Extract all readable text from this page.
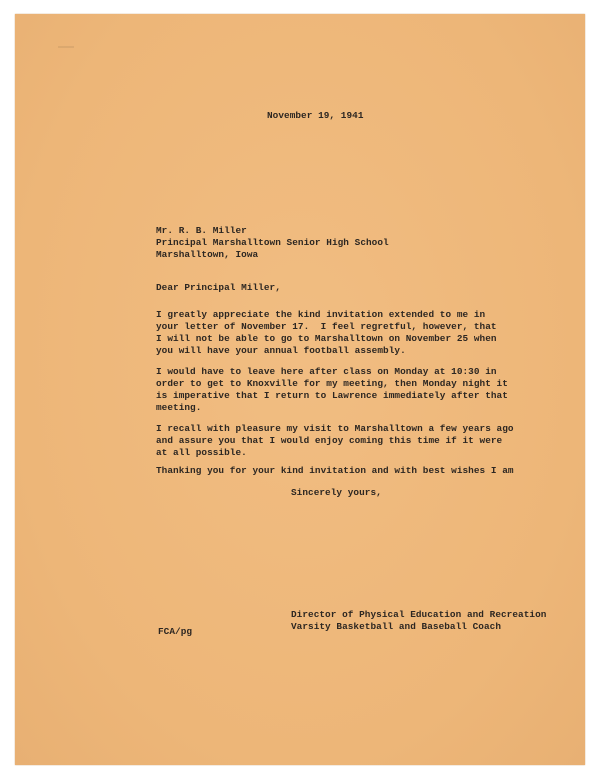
November 19, 1941
Mr. R. B. Miller
Principal Marshalltown Senior High School
Marshalltown, Iowa
Dear Principal Miller,
I greatly appreciate the kind invitation extended to me in
your letter of November 17.  I feel regretful, however, that
I will not be able to go to Marshalltown on November 25 when
you will have your annual football assembly.
I would have to leave here after class on Monday at 10:30 in
order to get to Knoxville for my meeting, then Monday night it
is imperative that I return to Lawrence immediately after that
meeting.
I recall with pleasure my visit to Marshalltown a few years ago
and assure you that I would enjoy coming this time if it were
at all possible.
Thanking you for your kind invitation and with best wishes I am
Sincerely yours,
FCA/pg
Director of Physical Education and Recreation
Varsity Basketball and Baseball Coach
